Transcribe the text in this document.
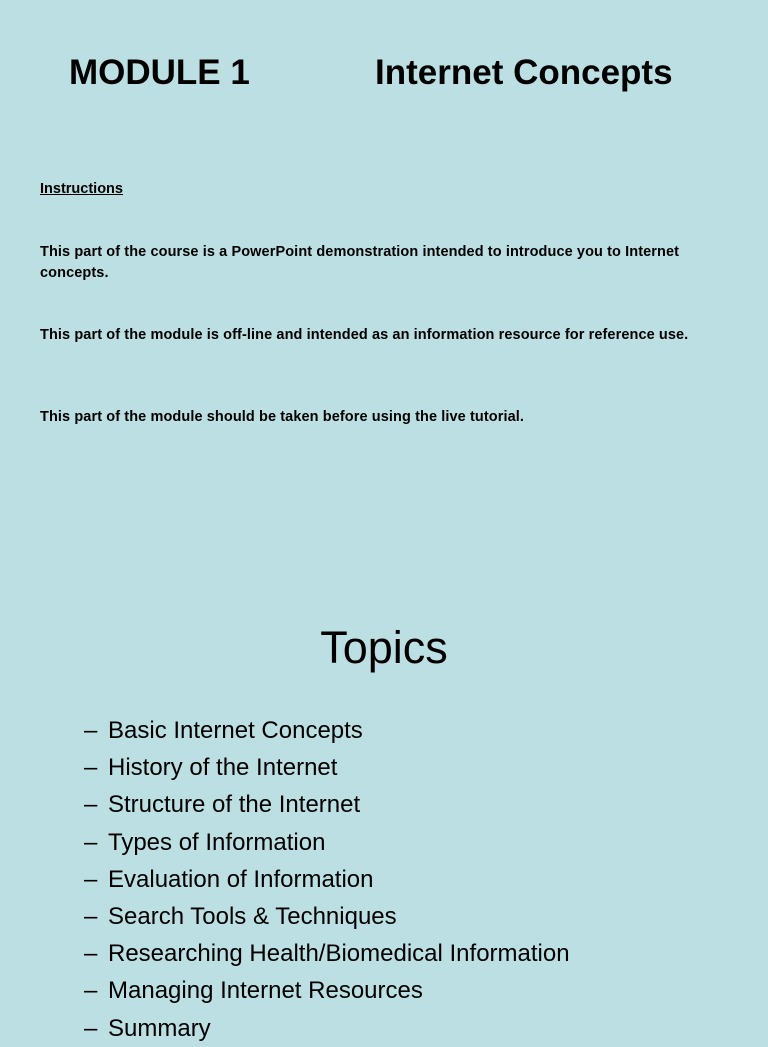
MODULE 1	Internet Concepts
Instructions
This part of the course is a PowerPoint demonstration intended to introduce you to Internet concepts.
This part of the module is off-line and intended as an information resource for reference use.
This part of the module should be taken before using the live tutorial.
Topics
– Basic Internet Concepts
– History of the Internet
– Structure of the Internet
– Types of Information
– Evaluation of Information
– Search Tools & Techniques
– Researching Health/Biomedical Information
– Managing Internet Resources
– Summary
